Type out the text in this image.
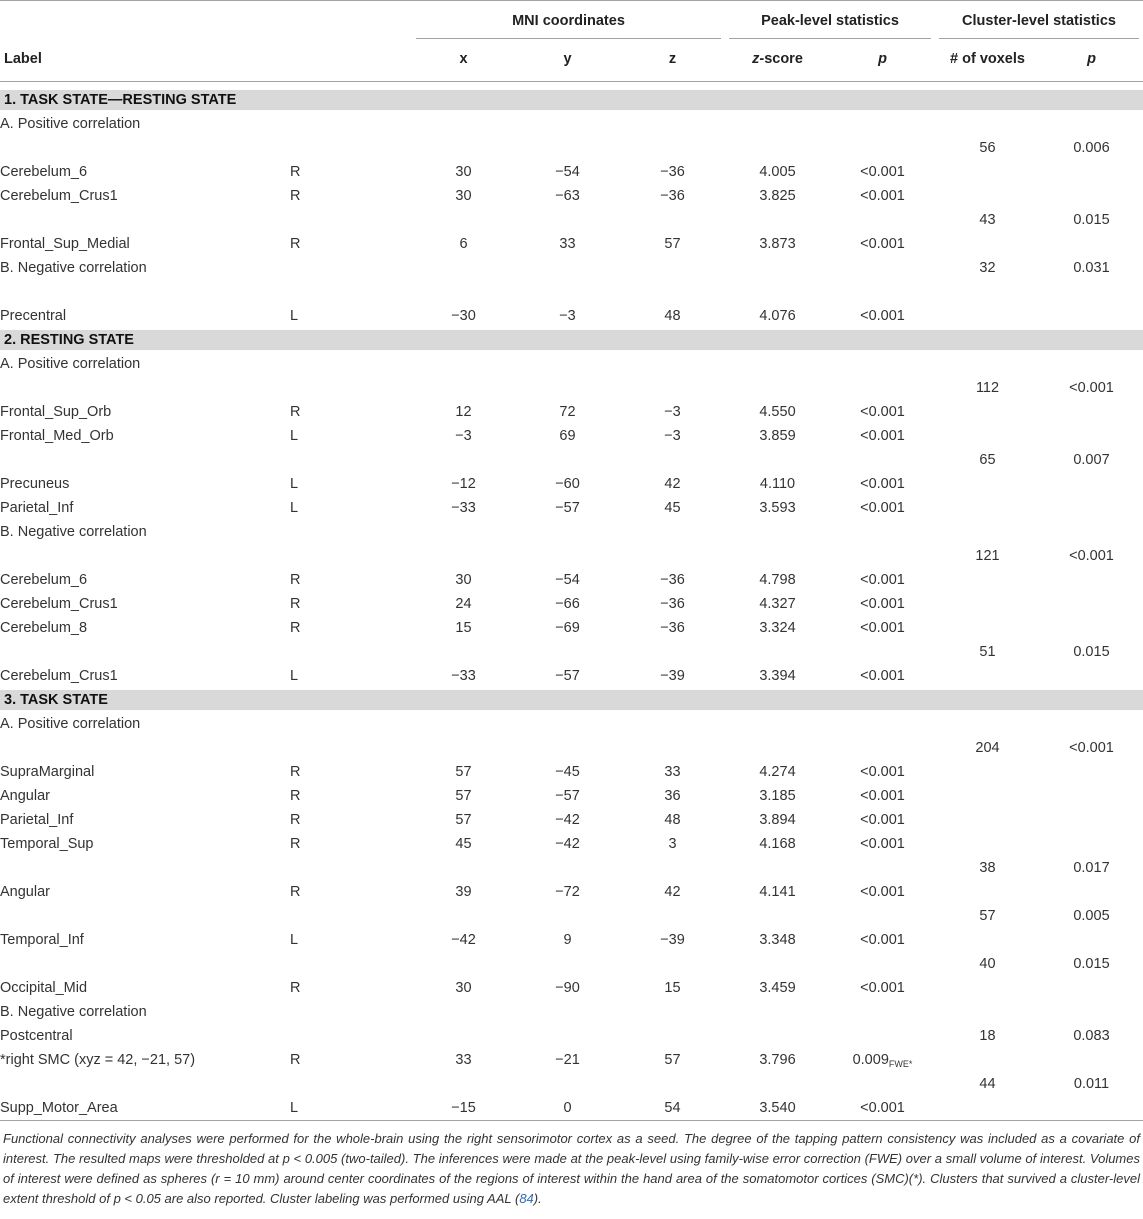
		MNI coordinates			Peak-level statistics		Cluster-level statistics	

Label		x	y	z	z-score	p	# of voxels	p

1. TASK STATE—RESTING STATE								
A. Positive correlation								
							56	0.006
Cerebelum_6	R	30	−54	−36	4.005	<0.001		
Cerebelum_Crus1	R	30	−63	−36	3.825	<0.001		
							43	0.015
Frontal_Sup_Medial	R	6	33	57	3.873	<0.001		
B. Negative correlation							32	0.031

Precentral	L	−30	−3	48	4.076	<0.001		
2. RESTING STATE								
A. Positive correlation								
							112	<0.001
Frontal_Sup_Orb	R	12	72	−3	4.550	<0.001		
Frontal_Med_Orb	L	−3	69	−3	3.859	<0.001		
							65	0.007
Precuneus	L	−12	−60	42	4.110	<0.001		
Parietal_Inf	L	−33	−57	45	3.593	<0.001		
B. Negative correlation								
							121	<0.001
Cerebelum_6	R	30	−54	−36	4.798	<0.001		
Cerebelum_Crus1	R	24	−66	−36	4.327	<0.001		
Cerebelum_8	R	15	−69	−36	3.324	<0.001		
							51	0.015
Cerebelum_Crus1	L	−33	−57	−39	3.394	<0.001		
3. TASK STATE								
A. Positive correlation								
							204	<0.001
SupraMarginal	R	57	−45	33	4.274	<0.001		
Angular	R	57	−57	36	3.185	<0.001		
Parietal_Inf	R	57	−42	48	3.894	<0.001		
Temporal_Sup	R	45	−42	3	4.168	<0.001		
							38	0.017
Angular	R	39	−72	42	4.141	<0.001		
							57	0.005
Temporal_Inf	L	−42	9	−39	3.348	<0.001		
							40	0.015
Occipital_Mid	R	30	−90	15	3.459	<0.001		
B. Negative correlation								
Postcentral							18	0.083
*right SMC (xyz = 42, −21, 57)	R	33	−21	57	3.796	$0.009_{FWE*}$		
							44	0.011
Supp_Motor_Area	L	−15	0	54	3.540	<0.001		
Functional connectivity analyses were performed for the whole-brain using the right sensorimotor cortex as a seed. The degree of the tapping pattern consistency was included as a covariate of interest. The resulted maps were thresholded at p < 0.005 (two-tailed). The inferences were made at the peak-level using family-wise error correction (FWE) over a small volume of interest. Volumes of interest were defined as spheres (r = 10 mm) around center coordinates of the regions of interest within the hand area of the somatomotor cortices (SMC)(*). Clusters that survived a cluster-level extent threshold of p < 0.05 are also reported. Cluster labeling was performed using AAL (84).
